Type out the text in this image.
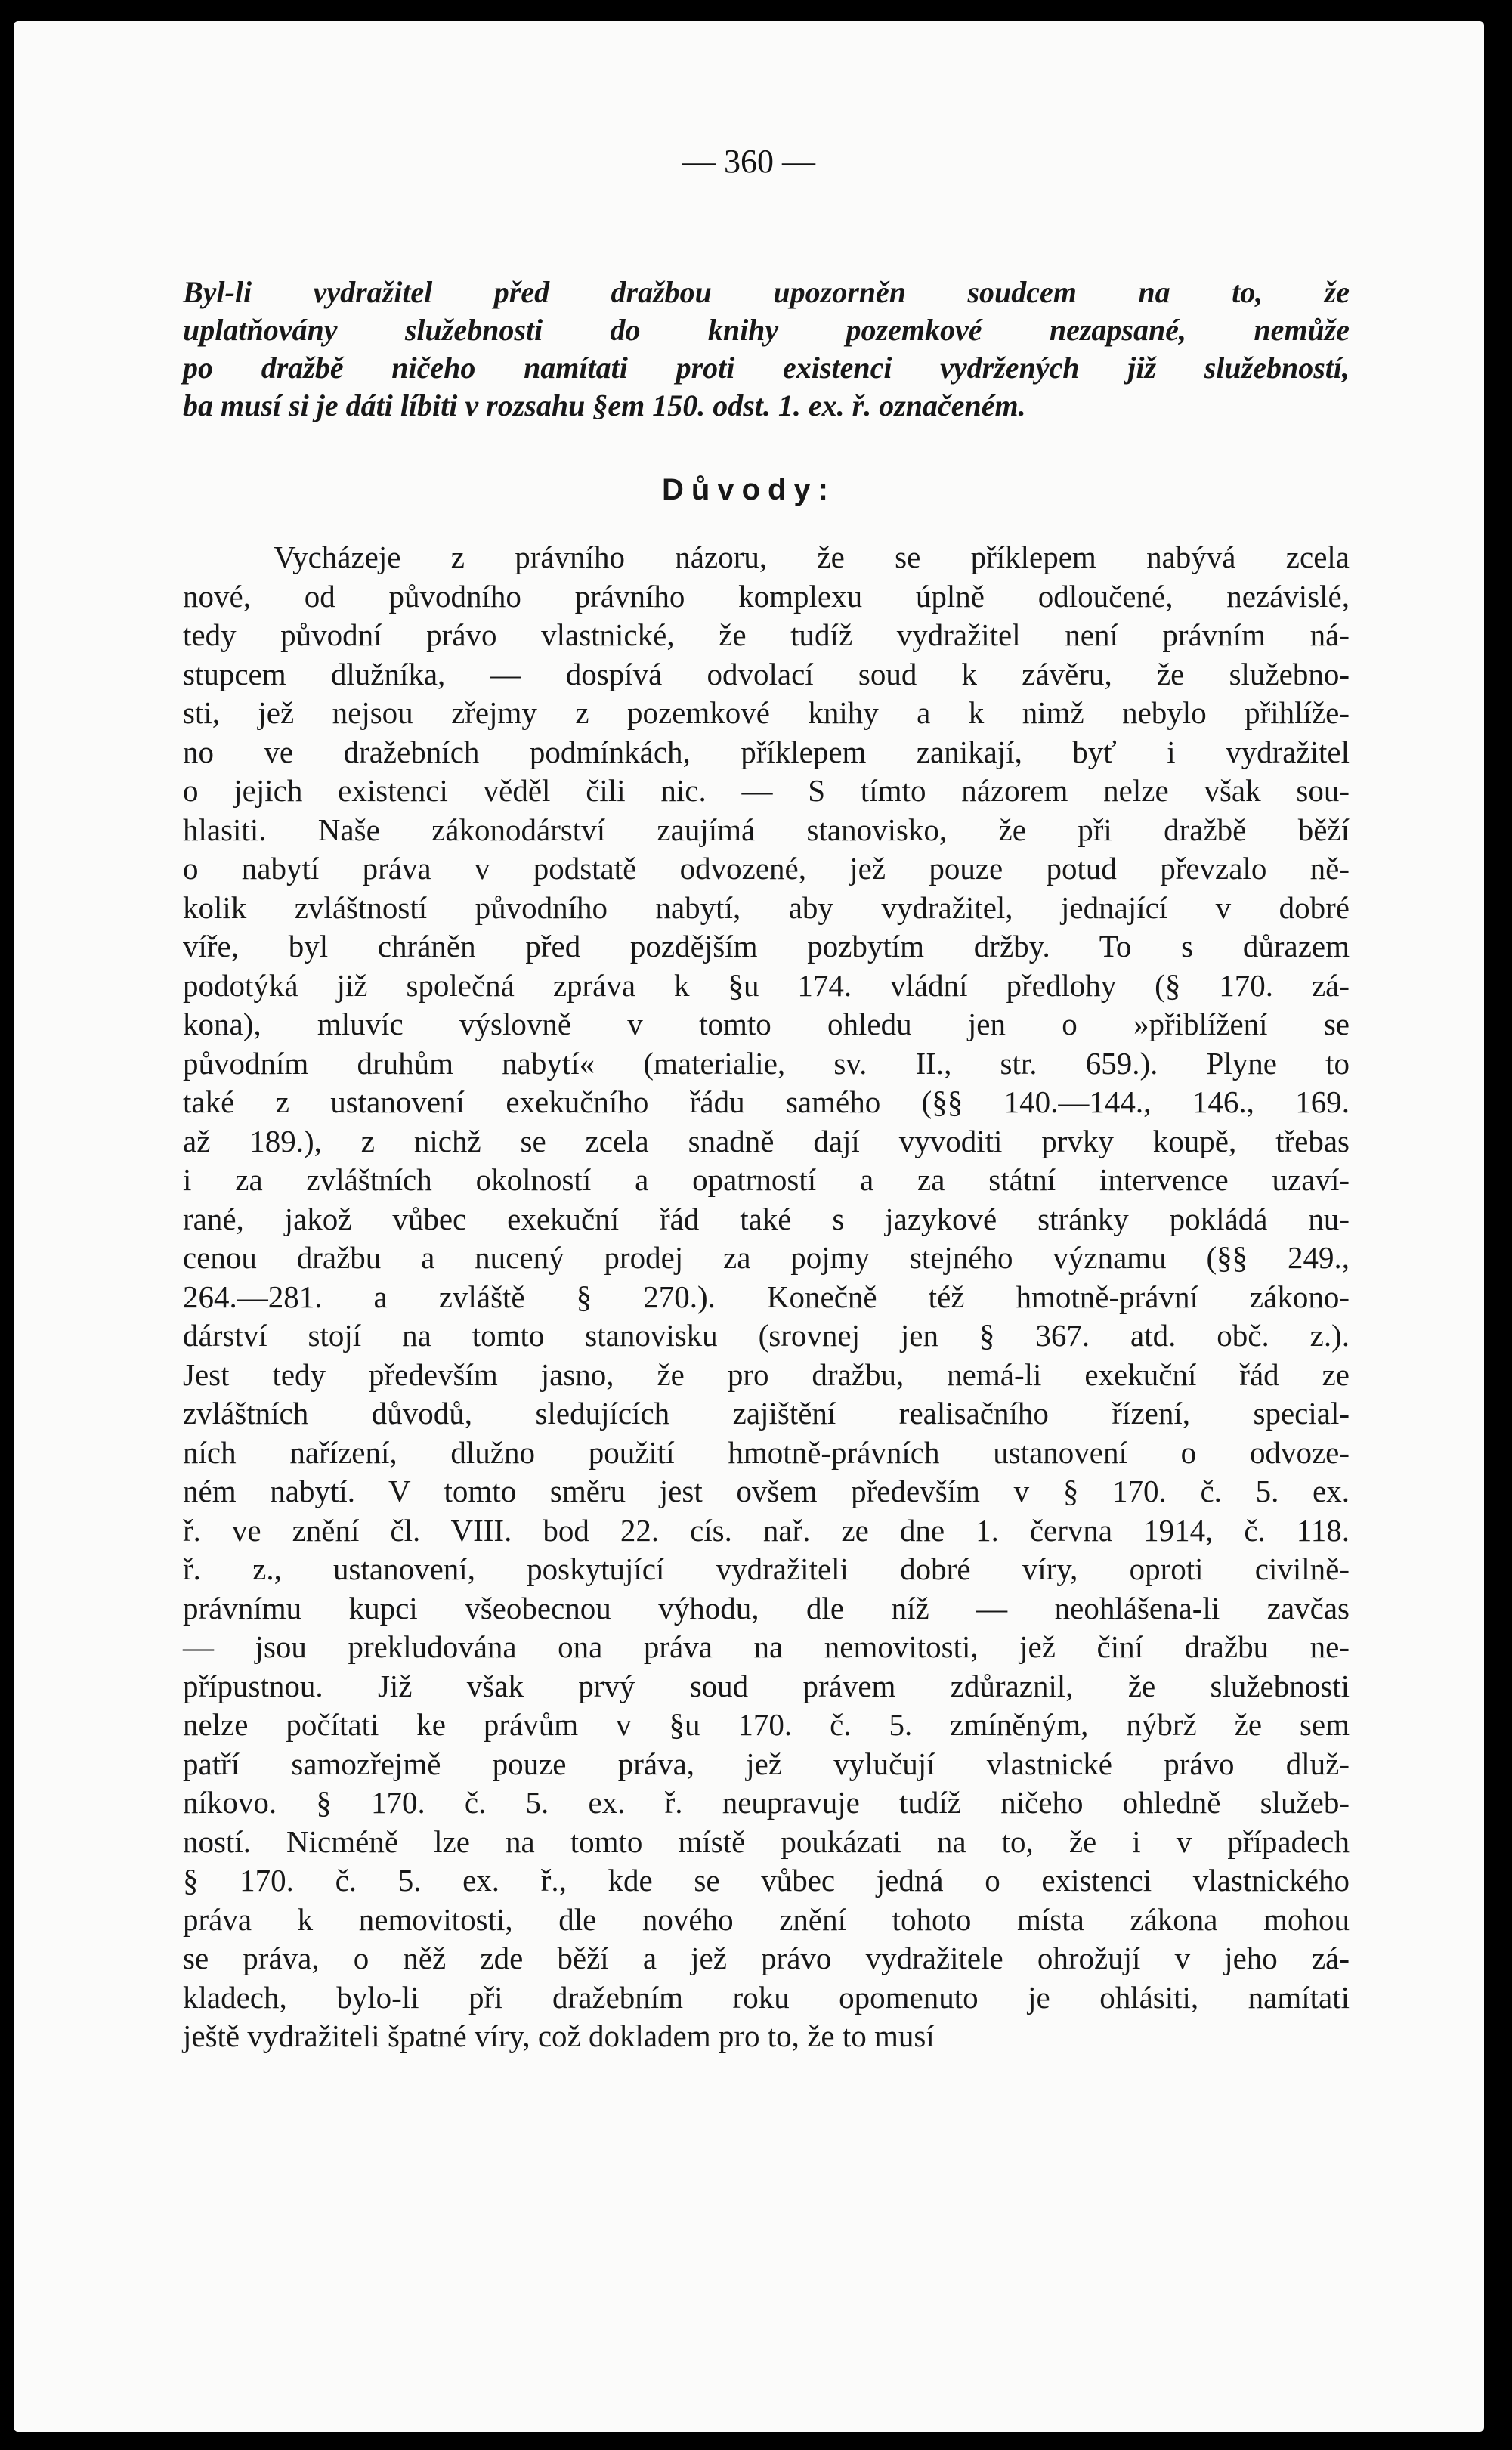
— 360 —
Byl-li vydražitel před dražbou upozorněn soudcem na to, že
uplatňovány služebnosti do knihy pozemkové nezapsané, nemůže
po dražbě ničeho namítati proti existenci vydržených již služebností,
ba musí si je dáti líbiti v rozsahu §em 150. odst. 1. ex. ř. označeném.
Důvody:
Vycházeje z právního názoru, že se příklepem nabývá zcela
nové, od původního právního komplexu úplně odloučené, nezávislé,
tedy původní právo vlastnické, že tudíž vydražitel není právním ná-
stupcem dlužníka, — dospívá odvolací soud k závěru, že služebno-
sti, jež nejsou zřejmy z pozemkové knihy a k nimž nebylo přihlíže-
no ve dražebních podmínkách, příklepem zanikají, byť i vydražitel
o jejich existenci věděl čili nic. — S tímto názorem nelze však sou-
hlasiti. Naše zákonodárství zaujímá stanovisko, že při dražbě běží
o nabytí práva v podstatě odvozené, jež pouze potud převzalo ně-
kolik zvláštností původního nabytí, aby vydražitel, jednající v dobré
víře, byl chráněn před pozdějším pozbytím držby. To s důrazem
podotýká již společná zpráva k §u 174. vládní předlohy (§ 170. zá-
kona), mluvíc výslovně v tomto ohledu jen o »přiblížení se
původním druhům nabytí« (materialie, sv. II., str. 659.). Plyne to
také z ustanovení exekučního řádu samého (§§ 140.—144., 146., 169.
až 189.), z nichž se zcela snadně dají vyvoditi prvky koupě, třebas
i za zvláštních okolností a opatrností a za státní intervence uzaví-
rané, jakož vůbec exekuční řád také s jazykové stránky pokládá nu-
cenou dražbu a nucený prodej za pojmy stejného významu (§§ 249.,
264.—281. a zvláště § 270.). Konečně též hmotně-právní zákono-
dárství stojí na tomto stanovisku (srovnej jen § 367. atd. obč. z.).
Jest tedy především jasno, že pro dražbu, nemá-li exekuční řád ze
zvláštních důvodů, sledujících zajištění realisačního řízení, special-
ních nařízení, dlužno použití hmotně-právních ustanovení o odvoze-
ném nabytí. V tomto směru jest ovšem především v § 170. č. 5. ex.
ř. ve znění čl. VIII. bod 22. cís. nař. ze dne 1. června 1914, č. 118.
ř. z., ustanovení, poskytující vydražiteli dobré víry, oproti civilně-
právnímu kupci všeobecnou výhodu, dle níž — neohlášena-li zavčas
— jsou prekludována ona práva na nemovitosti, jež činí dražbu ne-
přípustnou. Již však prvý soud právem zdůraznil, že služebnosti
nelze počítati ke právům v §u 170. č. 5. zmíněným, nýbrž že sem
patří samozřejmě pouze práva, jež vylučují vlastnické právo dluž-
níkovo. § 170. č. 5. ex. ř. neupravuje tudíž ničeho ohledně služeb-
ností. Nicméně lze na tomto místě poukázati na to, že i v případech
§ 170. č. 5. ex. ř., kde se vůbec jedná o existenci vlastnického
práva k nemovitosti, dle nového znění tohoto místa zákona mohou
se práva, o něž zde běží a jež právo vydražitele ohrožují v jeho zá-
kladech, bylo-li při dražebním roku opomenuto je ohlásiti, namítati
ještě vydražiteli špatné víry, což dokladem pro to, že to musí
